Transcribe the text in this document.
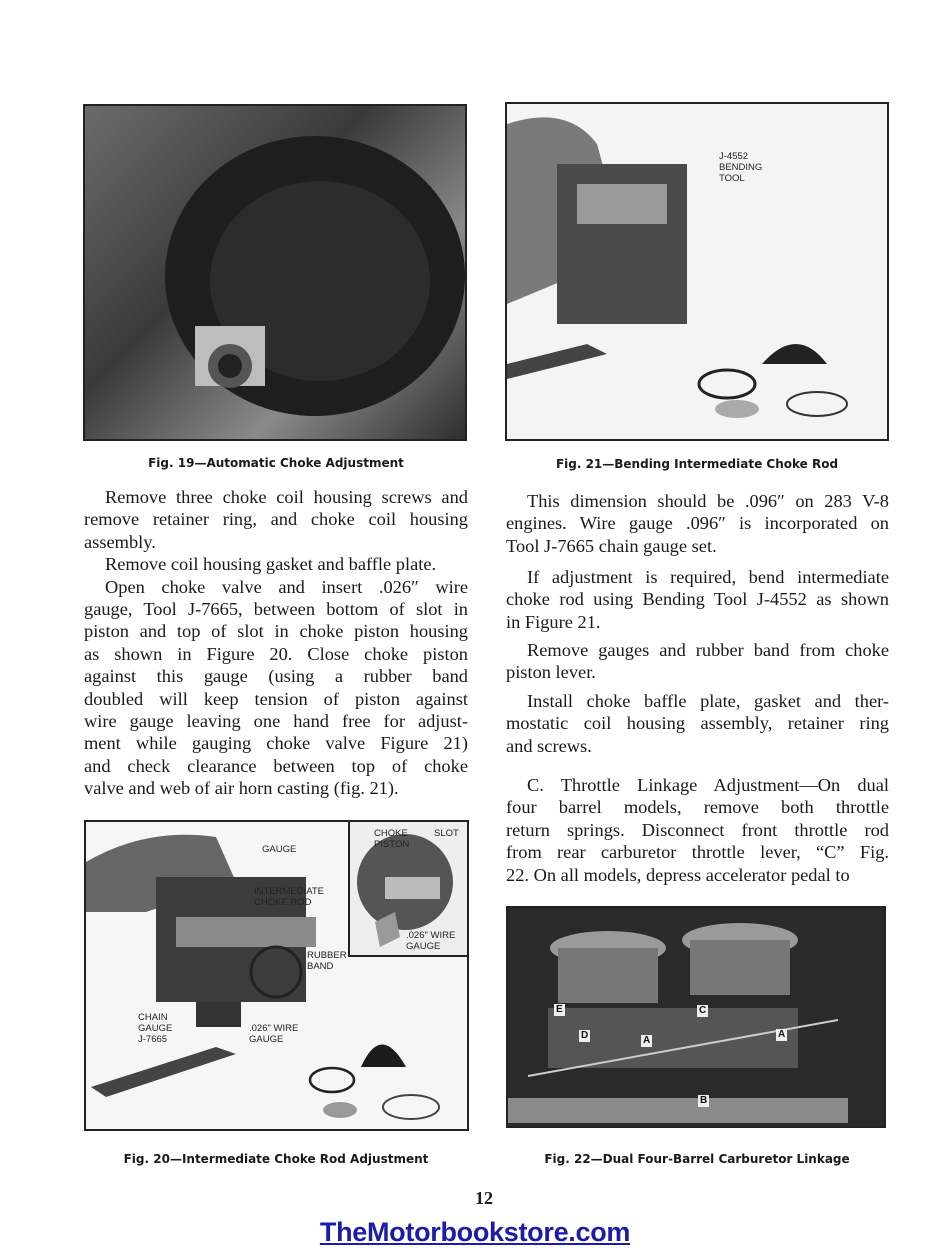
Fig. 19—Automatic Choke Adjustment
J-4552
BENDING
TOOL
Fig. 21—Bending Intermediate Choke Rod
Remove three choke coil housing screws and
remove retainer ring, and choke coil housing
assembly.
Remove coil housing gasket and baffle plate.
Open choke valve and insert .026″ wire
gauge, Tool J-7665, between bottom of slot in
piston and top of slot in choke piston housing
as shown in Figure 20. Close choke piston
against this gauge (using a rubber band
doubled will keep tension of piston against
wire gauge leaving one hand free for adjust-
ment while gauging choke valve Figure 21)
and check clearance between top of choke
valve and web of air horn casting (fig. 21).
This dimension should be .096″ on 283 V-8
engines. Wire gauge .096″ is incorporated on
Tool J-7665 chain gauge set.
If adjustment is required, bend intermediate
choke rod using Bending Tool J-4552 as shown
in Figure 21.
Remove gauges and rubber band from choke
piston lever.
Install choke baffle plate, gasket and ther-
mostatic coil housing assembly, retainer ring
and screws.
C. Throttle Linkage Adjustment—On dual
four barrel models, remove both throttle
return springs. Disconnect front throttle rod
from rear carburetor throttle lever, “C” Fig.
22. On all models, depress accelerator pedal to
CHOKE
PISTON
SLOT
.026" WIRE
GAUGE
GAUGE
INTERMEDIATE
CHOKE ROD
RUBBER
BAND
CHAIN
GAUGE
J-7665
.026" WIRE
GAUGE
Fig. 20—Intermediate Choke Rod Adjustment
E
D	A
C
A
B
Fig. 22—Dual Four-Barrel Carburetor Linkage
12
TheMotorbookstore.com
